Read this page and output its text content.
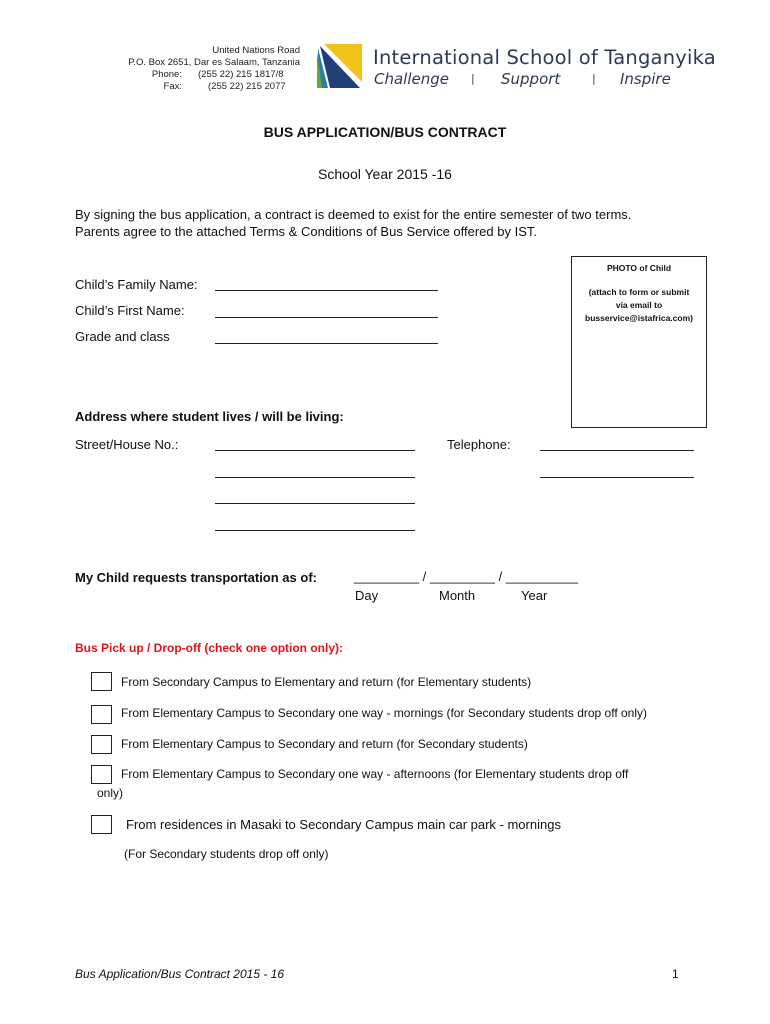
United Nations Road
P.O. Box 2651, Dar es Salaam, Tanzania
Phone: (255 22) 215 1817/8
Fax:	(255 22) 215 2077
International School of Tanganyika
Challenge | Support	| Inspire
BUS APPLICATION/BUS CONTRACT
School Year 2015 -16
By signing the bus application, a contract is deemed to exist for the entire semester of two terms.
Parents agree to the attached Terms & Conditions of Bus Service offered by IST.
PHOTO of Child
(attach to form or submit
via email to
busservice@istafrica.com)
Child’s Family Name:
Child’s First Name:
Grade and class
Address where student lives / will be living:
Street/House No.:	Telephone:
My Child requests transportation as of:	_________ / _________ / __________
Day	Month	Year
Bus Pick up / Drop-off (check one option only):
From Secondary Campus to Elementary and return (for Elementary students)
From Elementary Campus to Secondary one way - mornings (for Secondary students drop off only)
From Elementary Campus to Secondary and return (for Secondary students)
From Elementary Campus to Secondary one way - afternoons (for Elementary students drop off
only)
From residences in Masaki to Secondary Campus main car park - mornings
(For Secondary students drop off only)
Bus Application/Bus Contract 2015 - 16	1
